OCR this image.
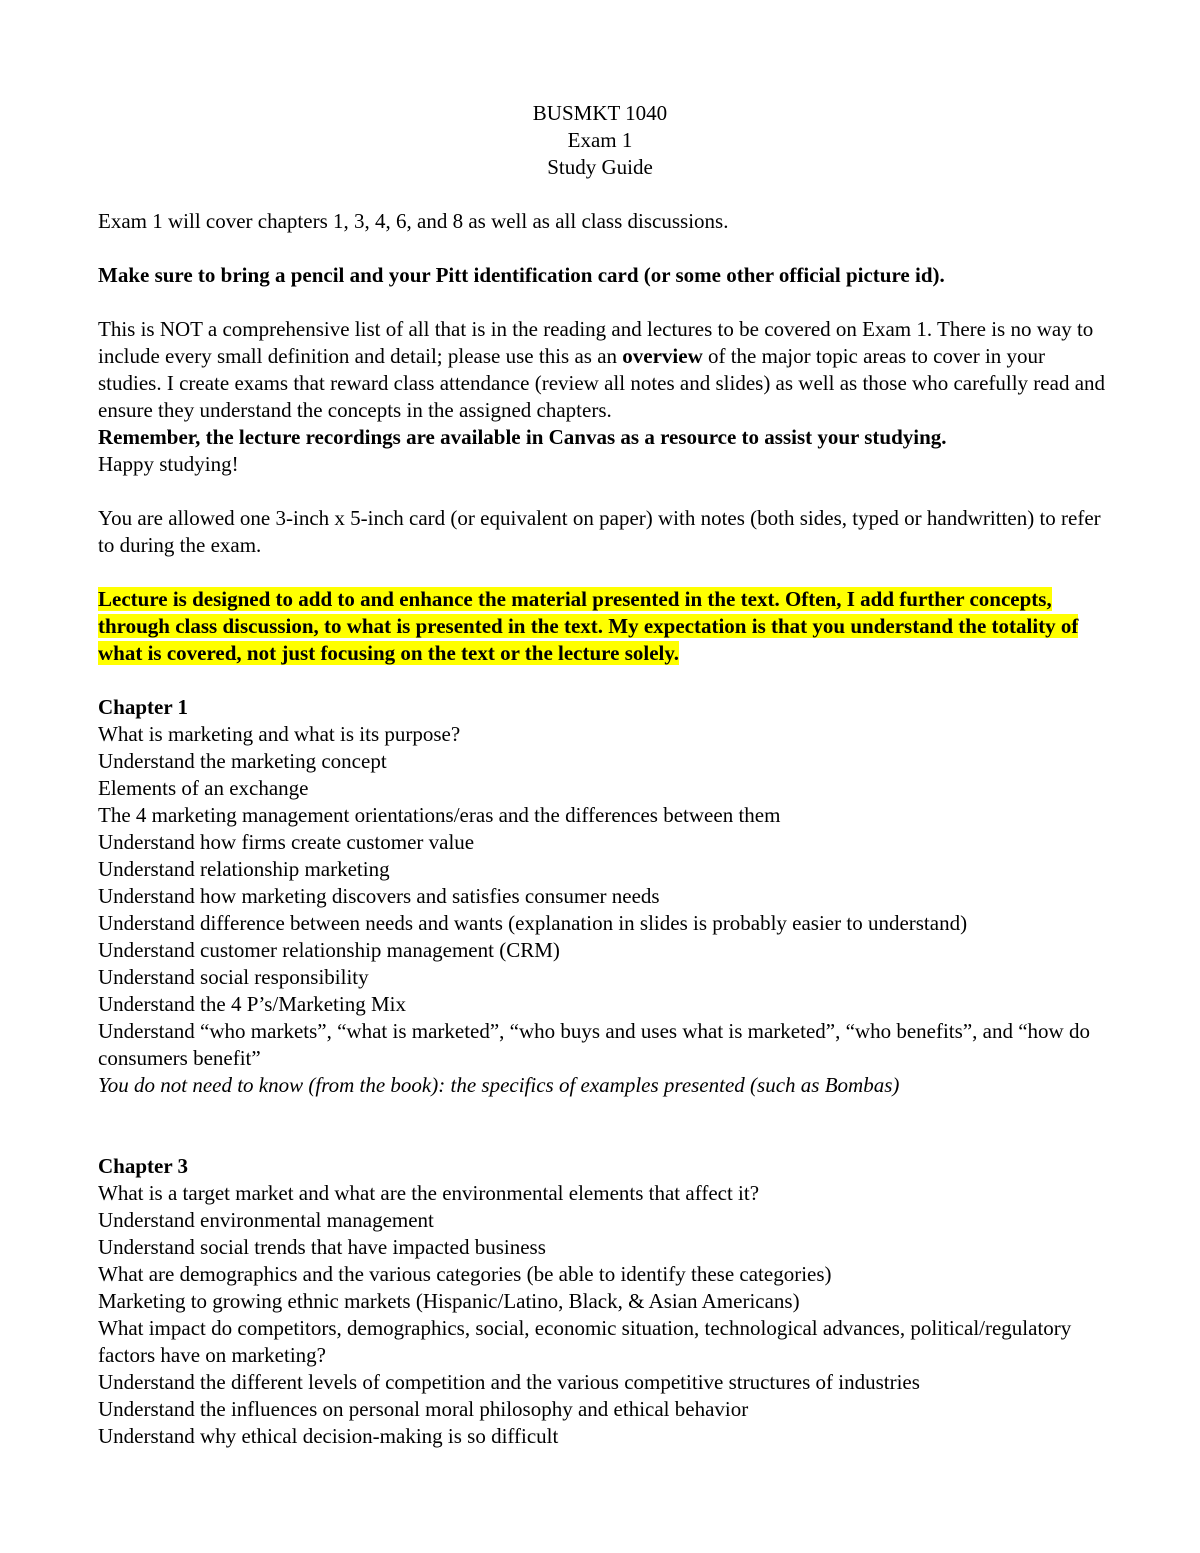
BUSMKT 1040
Exam 1
Study Guide

Exam 1 will cover chapters 1, 3, 4, 6, and 8 as well as all class discussions.

Make sure to bring a pencil and your Pitt identification card (or some other official picture id).

This is NOT a comprehensive list of all that is in the reading and lectures to be covered on Exam 1. There is no way to include every small definition and detail; please use this as an overview of the major topic areas to cover in your studies. I create exams that reward class attendance (review all notes and slides) as well as those who carefully read and ensure they understand the concepts in the assigned chapters.

Remember, the lecture recordings are available in Canvas as a resource to assist your studying.

Happy studying!

You are allowed one 3-inch x 5-inch card (or equivalent on paper) with notes (both sides, typed or handwritten) to refer to during the exam.

Lecture is designed to add to and enhance the material presented in the text. Often, I add further concepts, through class discussion, to what is presented in the text. My expectation is that you understand the totality of what is covered, not just focusing on the text or the lecture solely.

Chapter 1
What is marketing and what is its purpose?
Understand the marketing concept
Elements of an exchange
The 4 marketing management orientations/eras and the differences between them
Understand how firms create customer value
Understand relationship marketing
Understand how marketing discovers and satisfies consumer needs
Understand difference between needs and wants (explanation in slides is probably easier to understand)
Understand customer relationship management (CRM)
Understand social responsibility
Understand the 4 P’s/Marketing Mix
Understand “who markets”, “what is marketed”, “who buys and uses what is marketed”, “who benefits”, and “how do consumers benefit”
You do not need to know (from the book): the specifics of examples presented (such as Bombas)
Chapter 3
What is a target market and what are the environmental elements that affect it?
Understand environmental management
Understand social trends that have impacted business
What are demographics and the various categories (be able to identify these categories)
Marketing to growing ethnic markets (Hispanic/Latino, Black, & Asian Americans)
What impact do competitors, demographics, social, economic situation, technological advances, political/regulatory factors have on marketing?
Understand the different levels of competition and the various competitive structures of industries
Understand the influences on personal moral philosophy and ethical behavior
Understand why ethical decision-making is so difficult
